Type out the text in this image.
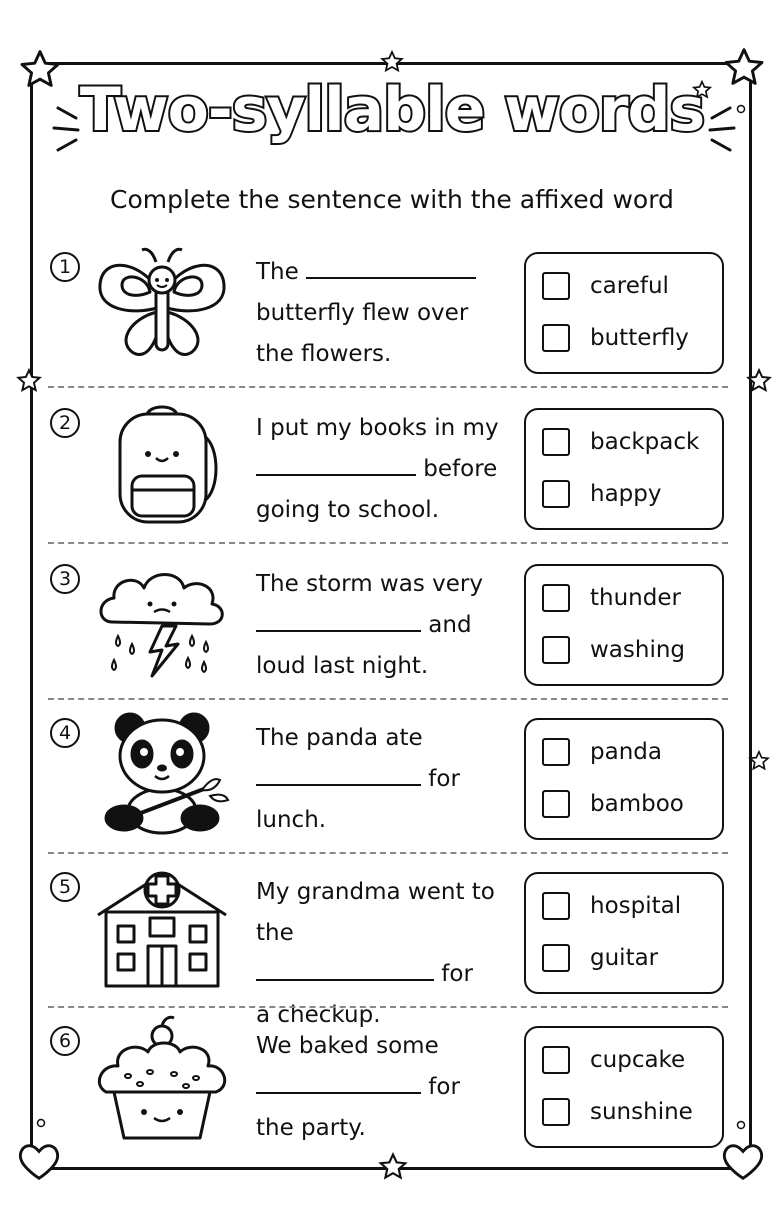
Two-syllable words
Complete the sentence with the affixed word
1	The
butterfly flew over
the flowers.
careful
butterfly
2	I put my books in my
before
going to school.
backpack
happy
3	The storm was very
and
loud last night.
thunder
washing
4	The panda ate
for
lunch.
panda
bamboo
5	My grandma went to the
for
a checkup.
hospital
guitar
6	We baked some
for
the party.
cupcake
sunshine
